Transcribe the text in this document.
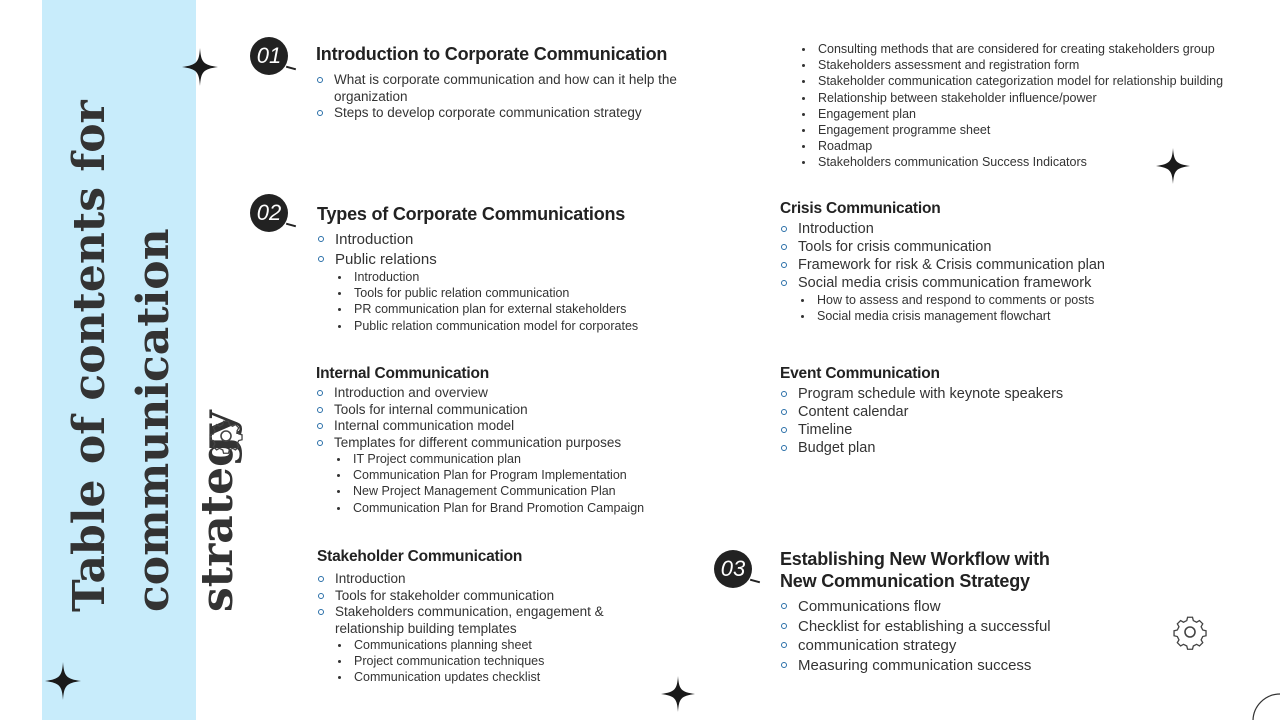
Table of contents for communication strategy
01
02
03
Introduction to Corporate Communication
What is corporate communication and how can it help the organization
Steps to develop corporate communication strategy
Types of Corporate Communications
Introduction
Public relations
Introduction
Tools for public relation communication
PR communication plan for external stakeholders
Public relation communication model for corporates
Internal Communication
Introduction and overview
Tools for internal communication
Internal communication model
Templates for different communication purposes
IT Project communication plan
Communication Plan for Program Implementation
New Project Management Communication Plan
Communication Plan for Brand Promotion Campaign
Stakeholder Communication
Introduction
Tools for stakeholder communication
Stakeholders communication, engagement & relationship building templates
Communications planning sheet
Project communication techniques
Communication updates checklist
Consulting methods that are considered for creating stakeholders group
Stakeholders assessment and registration form
Stakeholder communication categorization model for relationship building
Relationship between stakeholder influence/power
Engagement plan
Engagement programme sheet
Roadmap
Stakeholders communication Success Indicators
Crisis Communication
Introduction
Tools for crisis communication
Framework for risk & Crisis communication plan
Social media crisis communication framework
How to assess and respond to comments or posts
Social media crisis management flowchart
Event Communication
Program schedule with keynote speakers
Content calendar
Timeline
Budget plan
Establishing New Workflow with
New Communication Strategy
Communications flow
Checklist for establishing a successful
communication strategy
Measuring communication success
